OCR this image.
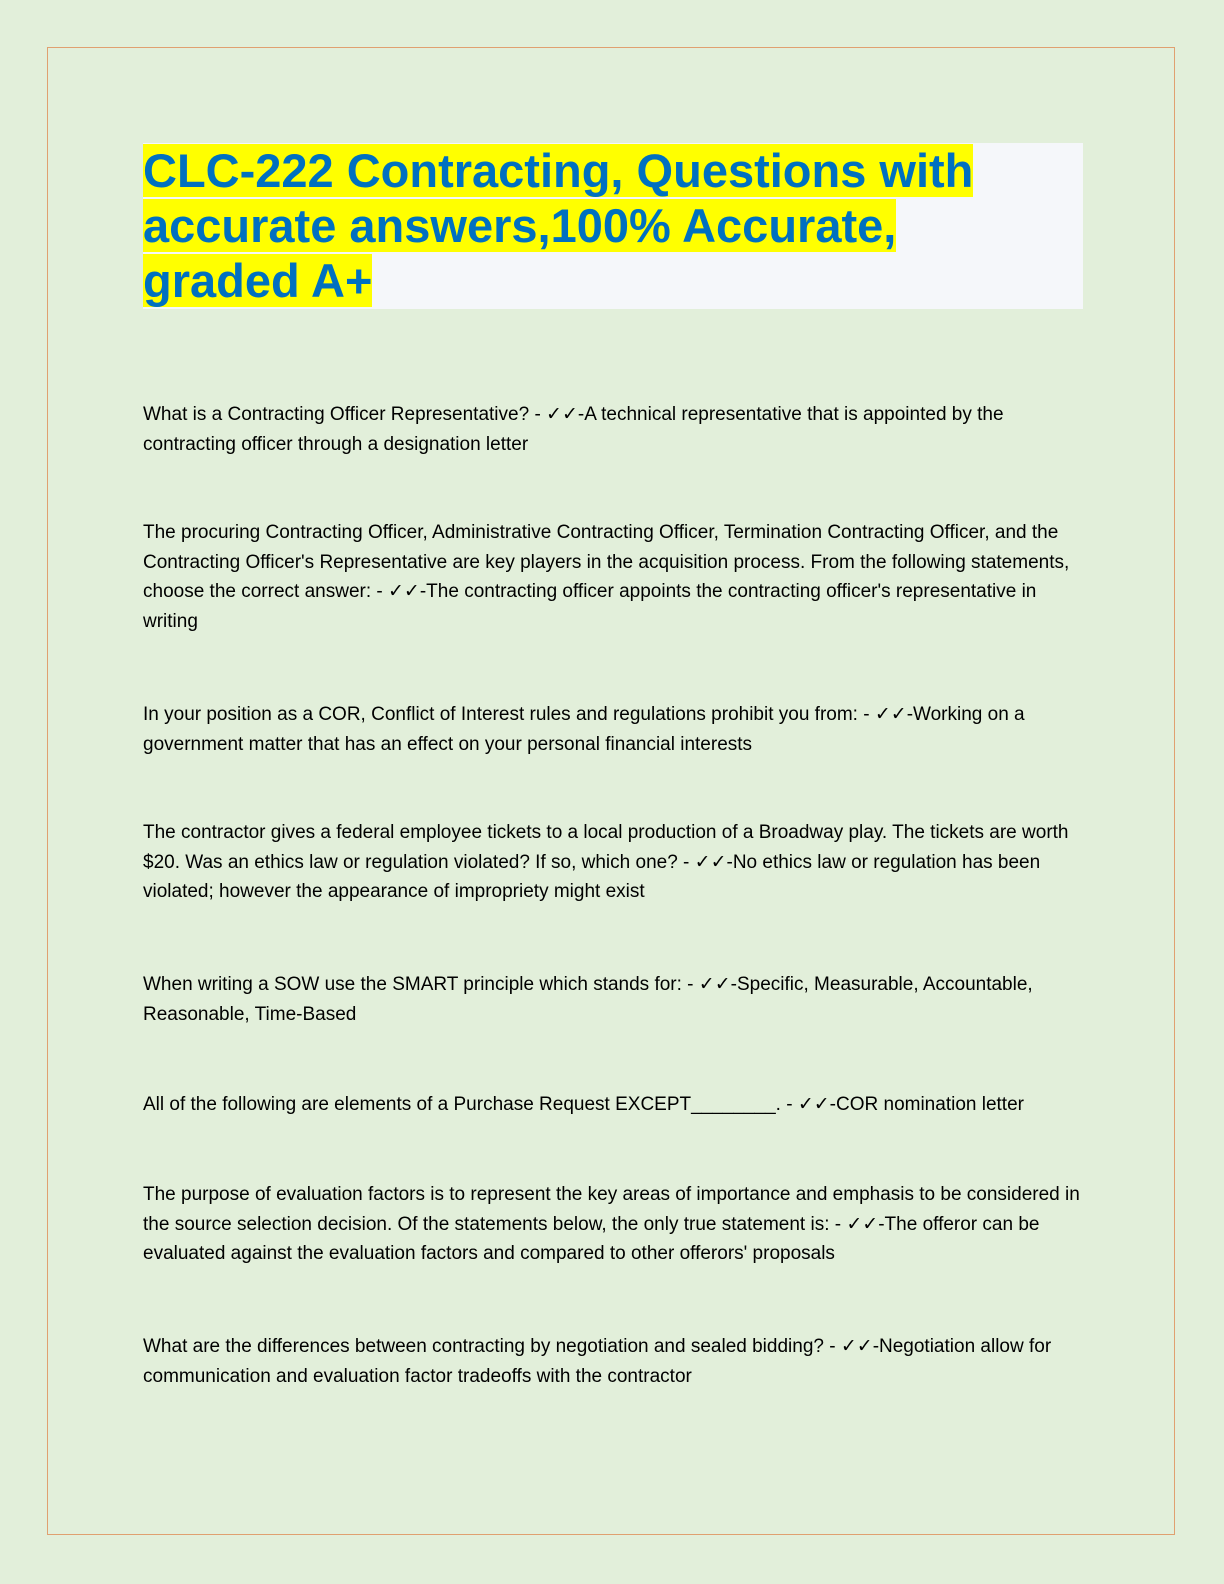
CLC-222 Contracting, Questions with accurate answers,100% Accurate, graded A+

What is a Contracting Officer Representative? - ✓✓-A technical representative that is appointed by the contracting officer through a designation letter

The procuring Contracting Officer, Administrative Contracting Officer, Termination Contracting Officer, and the Contracting Officer's Representative are key players in the acquisition process. From the following statements, choose the correct answer: - ✓✓-The contracting officer appoints the contracting officer's representative in writing

In your position as a COR, Conflict of Interest rules and regulations prohibit you from: - ✓✓-Working on a government matter that has an effect on your personal financial interests

The contractor gives a federal employee tickets to a local production of a Broadway play. The tickets are worth $20. Was an ethics law or regulation violated? If so, which one? - ✓✓-No ethics law or regulation has been violated; however the appearance of impropriety might exist

When writing a SOW use the SMART principle which stands for: - ✓✓-Specific, Measurable, Accountable, Reasonable, Time-Based

All of the following are elements of a Purchase Request EXCEPT________. - ✓✓-COR nomination letter

The purpose of evaluation factors is to represent the key areas of importance and emphasis to be considered in the source selection decision. Of the statements below, the only true statement is: - ✓✓-The offeror can be evaluated against the evaluation factors and compared to other offerors' proposals

What are the differences between contracting by negotiation and sealed bidding? - ✓✓-Negotiation allow for communication and evaluation factor tradeoffs with the contractor
